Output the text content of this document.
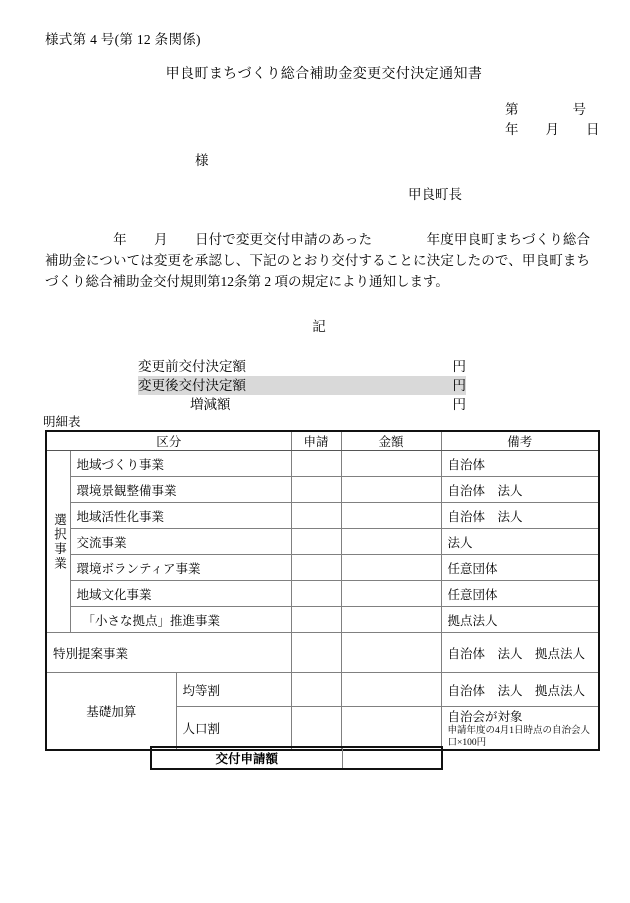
様式第 4 号(第 12 条関係)
甲良町まちづくり総合補助金変更交付決定通知書
第　　　　号
年　　月　　日
様
甲良町長
　　　　　年　　月　　日付で変更交付申請のあった　　　　年度甲良町まちづくり総合補助金については変更を承認し、下記のとおり交付することに決定したので、甲良町まちづくり総合補助金交付規則第12条第 2 項の規定により通知します。
記
変更前交付決定額	円
変更後交付決定額	円
増減額	円
明細表
区分			申請	金額	備考

選択事業	地域づくり事業				自治体
	環境景観整備事業				自治体　法人
	地域活性化事業				自治体　法人
	交流事業				法人
	環境ボランティア事業				任意団体
	地域文化事業				任意団体
	「小さな拠点」推進事業				拠点法人
特別提案事業					自治体　法人　拠点法人
基礎加算		均等割			自治体　法人　拠点法人
		人口割			自治会が対象
申請年度の4月1日時点の自治会人口×100円
交付申請額	
